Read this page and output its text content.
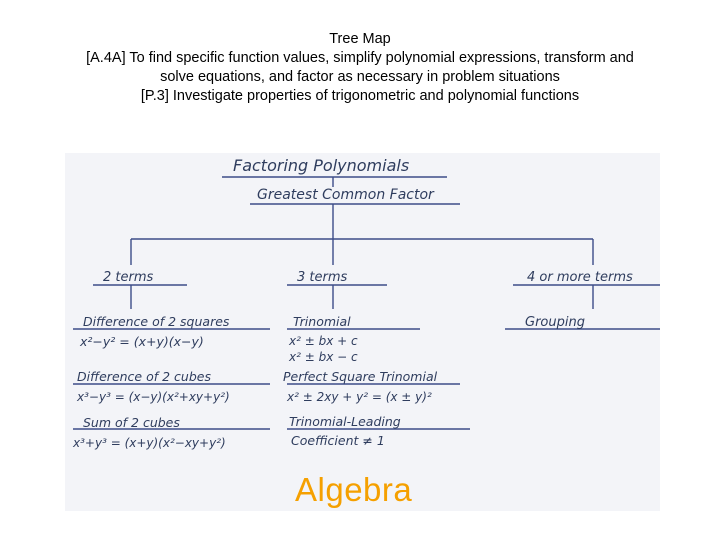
Tree Map
[A.4A] To find specific function values, simplify polynomial expressions, transform and
solve equations, and factor as necessary in problem situations
[P.3] Investigate properties of trigonometric and polynomial functions
Factoring Polynomials
Greatest Common Factor
2 terms	3 terms	4 or more terms
Difference of 2 squares
x²−y² = (x+y)(x−y)
Difference of 2 cubes
x³−y³ = (x−y)(x²+xy+y²)
Sum of 2 cubes
x³+y³ = (x+y)(x²−xy+y²)
Trinomial
x² ± bx + c
x² ± bx − c
Perfect Square Trinomial
x² ± 2xy + y² = (x ± y)²
Trinomial-Leading
Coefficient ≠ 1
Grouping
Algebra
